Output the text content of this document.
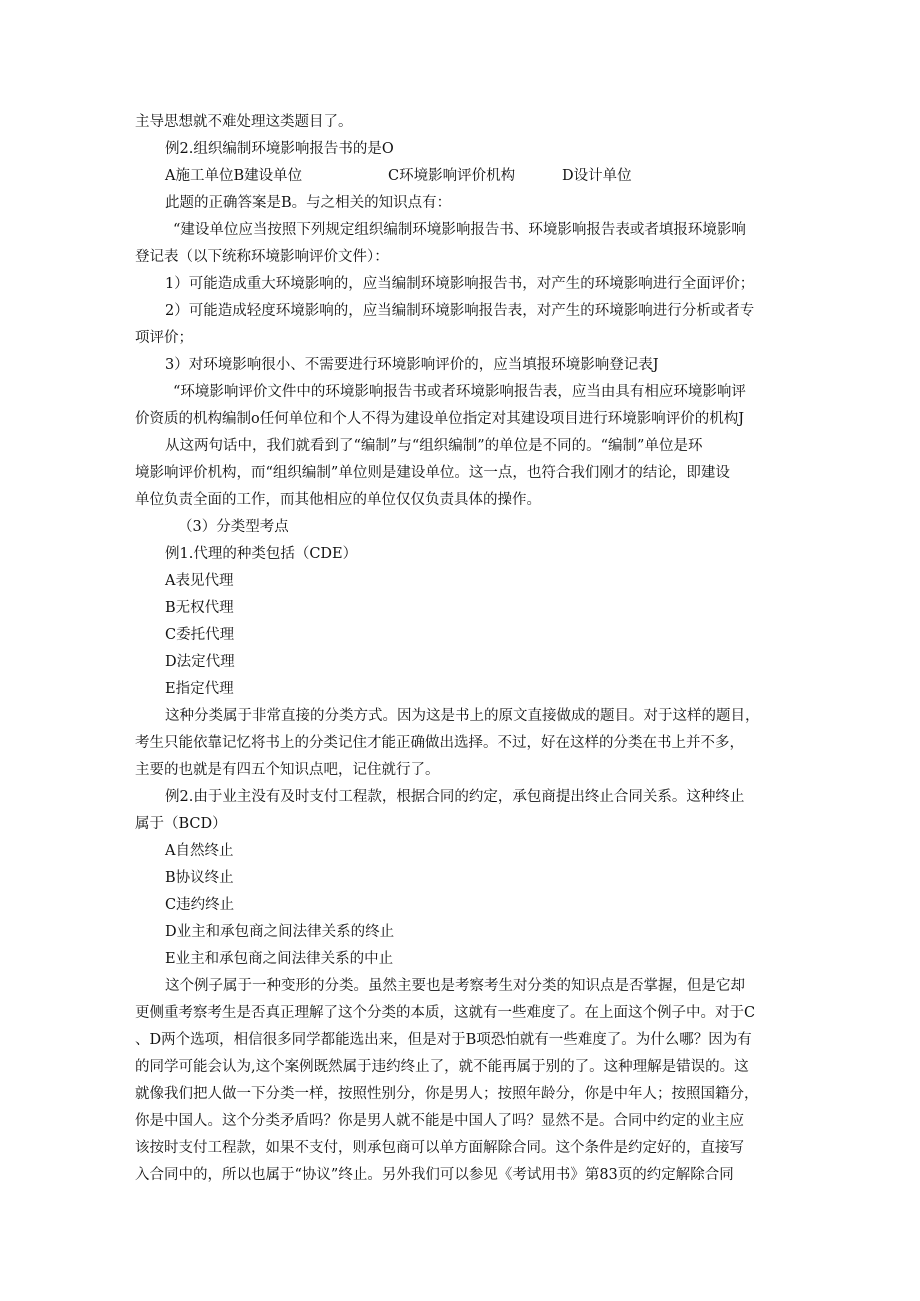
主导思想就不难处理这类题目了。
例2.组织编制环境影响报告书的是O
A施工单位B建设单位	C环境影响评价机构	D设计单位
此题的正确答案是B。与之相关的知识点有：
“建设单位应当按照下列规定组织编制环境影响报告书、环境影响报告表或者填报环境影响
登记表（以下统称环境影响评价文件）：
1）可能造成重大环境影响的，应当编制环境影响报告书，对产生的环境影响进行全面评价；
2）可能造成轻度环境影响的，应当编制环境影响报告表，对产生的环境影响进行分析或者专
项评价；
3）对环境影响很小、不需要进行环境影响评价的，应当填报环境影响登记表J
“环境影响评价文件中的环境影响报告书或者环境影响报告表，应当由具有相应环境影响评
价资质的机构编制o任何单位和个人不得为建设单位指定对其建设项目进行环境影响评价的机构J
从这两句话中，我们就看到了“编制”与“组织编制”的单位是不同的。“编制”单位是环
境影响评价机构，而“组织编制”单位则是建设单位。这一点，也符合我们刚才的结论，即建设
单位负责全面的工作，而其他相应的单位仅仅负责具体的操作。
（3）分类型考点
例1.代理的种类包括（CDE）
A表见代理
B无权代理
C委托代理
D法定代理
E指定代理
这种分类属于非常直接的分类方式。因为这是书上的原文直接做成的题目。对于这样的题目，
考生只能依靠记忆将书上的分类记住才能正确做出选择。不过，好在这样的分类在书上并不多，
主要的也就是有四五个知识点吧，记住就行了。
例2.由于业主没有及时支付工程款，根据合同的约定，承包商提出终止合同关系。这种终止
属于（BCD）
A自然终止
B协议终止
C违约终止
D业主和承包商之间法律关系的终止
E业主和承包商之间法律关系的中止
这个例子属于一种变形的分类。虽然主要也是考察考生对分类的知识点是否掌握，但是它却
更侧重考察考生是否真正理解了这个分类的本质，这就有一些难度了。在上面这个例子中。对于C
、D两个选项，相信很多同学都能选出来，但是对于B项恐怕就有一些难度了。为什么哪？因为有
的同学可能会认为,这个案例既然属于违约终止了，就不能再属于别的了。这种理解是错误的。这
就像我们把人做一下分类一样，按照性别分，你是男人；按照年龄分，你是中年人；按照国籍分，
你是中国人。这个分类矛盾吗？你是男人就不能是中国人了吗？显然不是。合同中约定的业主应
该按时支付工程款，如果不支付，则承包商可以单方面解除合同。这个条件是约定好的，直接写
入合同中的，所以也属于“协议”终止。另外我们可以参见《考试用书》第83页的约定解除合同
